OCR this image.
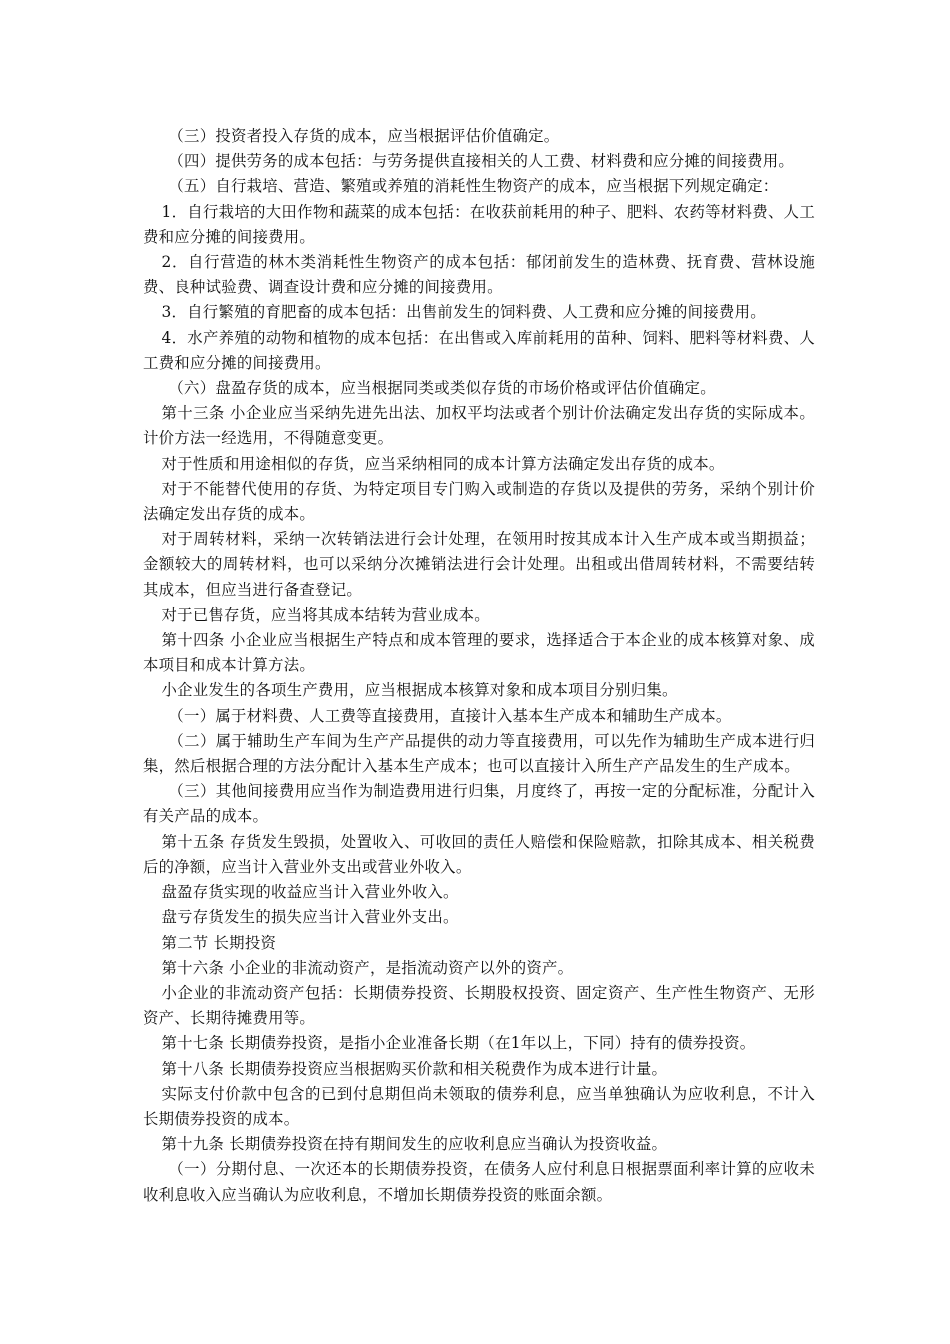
（三）投资者投入存货的成本，应当根据评估价值确定。

（四）提供劳务的成本包括：与劳务提供直接相关的人工费、材料费和应分摊的间接费用。

（五）自行栽培、营造、繁殖或养殖的消耗性生物资产的成本，应当根据下列规定确定：

1．自行栽培的大田作物和蔬菜的成本包括：在收获前耗用的种子、肥料、农药等材料费、人工费和应分摊的间接费用。

2．自行营造的林木类消耗性生物资产的成本包括：郁闭前发生的造林费、抚育费、营林设施费、良种试验费、调查设计费和应分摊的间接费用。

3．自行繁殖的育肥畜的成本包括：出售前发生的饲料费、人工费和应分摊的间接费用。

4．水产养殖的动物和植物的成本包括：在出售或入库前耗用的苗种、饲料、肥料等材料费、人工费和应分摊的间接费用。

（六）盘盈存货的成本，应当根据同类或类似存货的市场价格或评估价值确定。

第十三条 小企业应当采纳先进先出法、加权平均法或者个别计价法确定发出存货的实际成本。计价方法一经选用，不得随意变更。

对于性质和用途相似的存货，应当采纳相同的成本计算方法确定发出存货的成本。

对于不能替代使用的存货、为特定项目专门购入或制造的存货以及提供的劳务，采纳个别计价法确定发出存货的成本。

对于周转材料，采纳一次转销法进行会计处理，在领用时按其成本计入生产成本或当期损益；金额较大的周转材料，也可以采纳分次摊销法进行会计处理。出租或出借周转材料，不需要结转其成本，但应当进行备查登记。

对于已售存货，应当将其成本结转为营业成本。

第十四条 小企业应当根据生产特点和成本管理的要求，选择适合于本企业的成本核算对象、成本项目和成本计算方法。

小企业发生的各项生产费用，应当根据成本核算对象和成本项目分别归集。

（一）属于材料费、人工费等直接费用，直接计入基本生产成本和辅助生产成本。

（二）属于辅助生产车间为生产产品提供的动力等直接费用，可以先作为辅助生产成本进行归集，然后根据合理的方法分配计入基本生产成本；也可以直接计入所生产产品发生的生产成本。

（三）其他间接费用应当作为制造费用进行归集，月度终了，再按一定的分配标准，分配计入有关产品的成本。

第十五条 存货发生毁损，处置收入、可收回的责任人赔偿和保险赔款，扣除其成本、相关税费后的净额，应当计入营业外支出或营业外收入。

盘盈存货实现的收益应当计入营业外收入。

盘亏存货发生的损失应当计入营业外支出。

第二节 长期投资

第十六条 小企业的非流动资产，是指流动资产以外的资产。

小企业的非流动资产包括：长期债券投资、长期股权投资、固定资产、生产性生物资产、无形资产、长期待摊费用等。

第十七条 长期债券投资，是指小企业准备长期（在1年以上，下同）持有的债券投资。

第十八条 长期债券投资应当根据购买价款和相关税费作为成本进行计量。

实际支付价款中包含的已到付息期但尚未领取的债券利息，应当单独确认为应收利息，不计入长期债券投资的成本。

第十九条 长期债券投资在持有期间发生的应收利息应当确认为投资收益。

（一）分期付息、一次还本的长期债券投资，在债务人应付利息日根据票面利率计算的应收未收利息收入应当确认为应收利息，不增加长期债券投资的账面余额。
